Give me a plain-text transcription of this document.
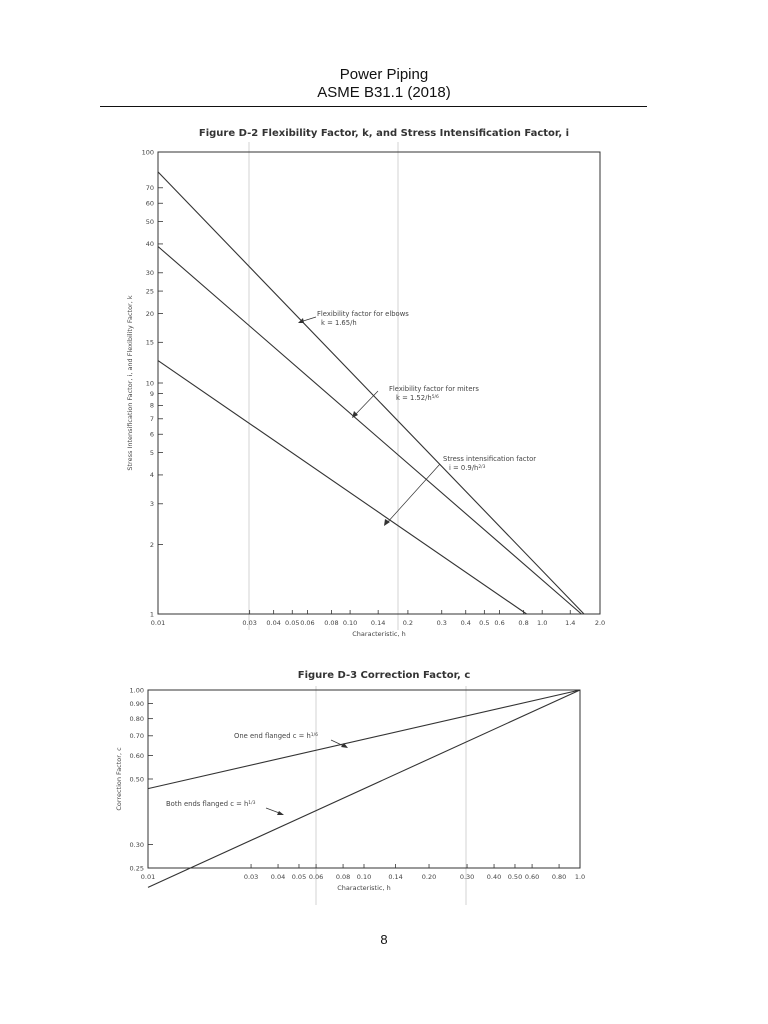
Power Piping
ASME B31.1 (2018)
Figure D-2 Flexibility Factor, k, and Stress Intensification Factor, i
Figure D-3 Correction Factor, c
0.01	0.03 0.04 0.05 0.06 0.08 0.10 0.14	0.2	0.3 0.4 0.5 0.6 0.8 1.0	1.4	2.0
1
2
3
4
5
6
7
8
9
10
15
20
25
30
40
50
60
70
100
Characteristic, h
Stress Intensification Factor, i, and Flexibility Factor, k	Flexibility factor for elbows
k = 1.65/h
Flexibility factor for miters
$k = 1.52/h^{5/6}$
Stress intensification factor
$i = 0.9/h^{2/3}$
0.01	0.03 0.04 0.05 0.06 0.08 0.10	0.14	0.20	0.30 0.40 0.50 0.60 0.80 1.0
0.25
0.30
0.50
0.60
0.70
0.80
0.90
1.00
Characteristic, h
Correction Factor, c
One end flanged $c = h^{1/6}$
Both ends flanged $c = h^{1/3}$
8
